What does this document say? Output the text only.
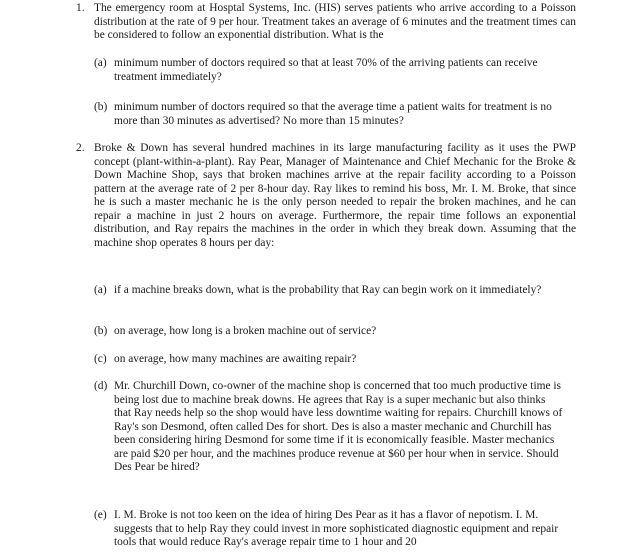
1. The emergency room at Hosptal Systems, Inc. (HIS) serves patients who arrive according to a Poisson distribution at the rate of 9 per hour. Treatment takes an average of 6 minutes and the treatment times can be considered to follow an exponential distribution. What is the
(a) minimum number of doctors required so that at least 70% of the arriving patients can receive treatment immediately?
(b) minimum number of doctors required so that the average time a patient waits for treatment is no more than 30 minutes as advertised? No more than 15 minutes?
2. Broke & Down has several hundred machines in its large manufacturing facility as it uses the PWP concept (plant-within-a-plant). Ray Pear, Manager of Maintenance and Chief Mechanic for the Broke & Down Machine Shop, says that broken machines arrive at the repair facility according to a Poisson pattern at the average rate of 2 per 8-hour day. Ray likes to remind his boss, Mr. I. M. Broke, that since he is such a master mechanic he is the only person needed to repair the broken machines, and he can repair a machine in just 2 hours on average. Furthermore, the repair time follows an exponential distribution, and Ray repairs the machines in the order in which they break down. Assuming that the machine shop operates 8 hours per day:
(a) if a machine breaks down, what is the probability that Ray can begin work on it immediately?
(b) on average, how long is a broken machine out of service?
(c) on average, how many machines are awaiting repair?
(d) Mr. Churchill Down, co-owner of the machine shop is concerned that too much productive time is being lost due to machine break downs. He agrees that Ray is a super mechanic but also thinks that Ray needs help so the shop would have less downtime waiting for repairs. Churchill knows of Ray's son Desmond, often called Des for short. Des is also a master mechanic and Churchill has been considering hiring Desmond for some time if it is economically feasible. Master mechanics are paid $20 per hour, and the machines produce revenue at $60 per hour when in service. Should Des Pear be hired?
(e) I. M. Broke is not too keen on the idea of hiring Des Pear as it has a flavor of nepotism. I. M. suggests that to help Ray they could invest in more sophisticated diagnostic equipment and repair tools that would reduce Ray's average repair time to 1 hour and 20
